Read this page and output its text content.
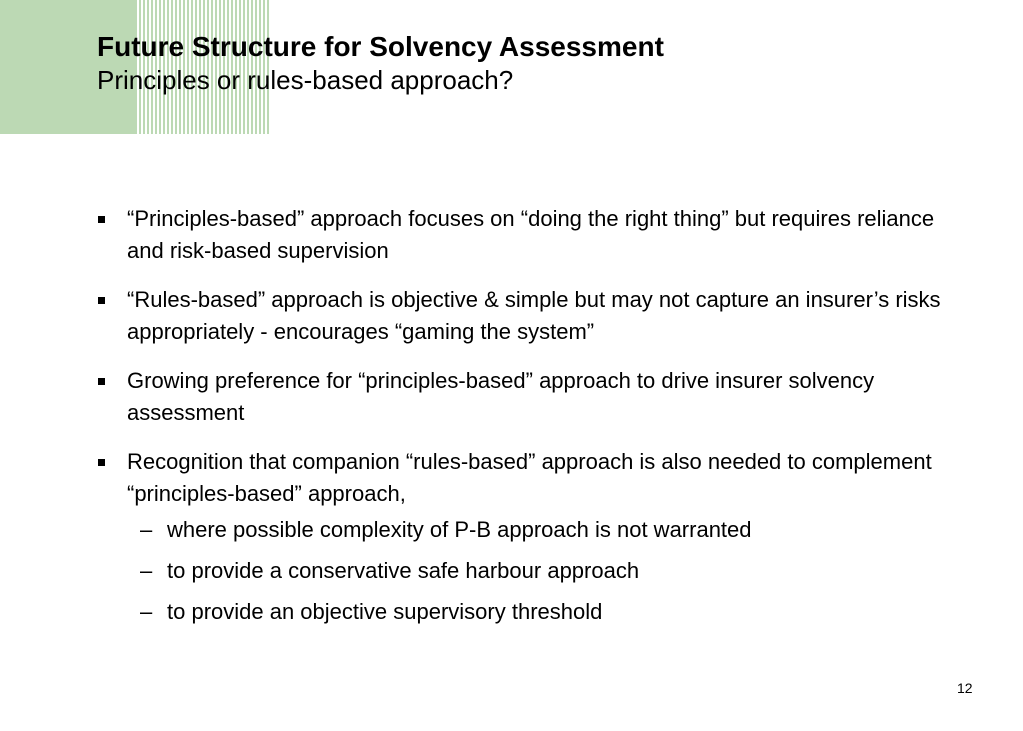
Future Structure for Solvency Assessment
Principles or rules-based approach?
“Principles-based” approach focuses on “doing the right thing” but requires reliance and risk-based supervision
“Rules-based” approach is objective & simple but may not capture an insurer’s risks appropriately - encourages “gaming the system”
Growing preference for “principles-based” approach to drive insurer solvency assessment
Recognition that companion “rules-based” approach is also needed to complement “principles-based” approach,
– where possible complexity of P-B approach is not warranted
– to provide a conservative safe harbour approach
– to provide an objective supervisory threshold
12
